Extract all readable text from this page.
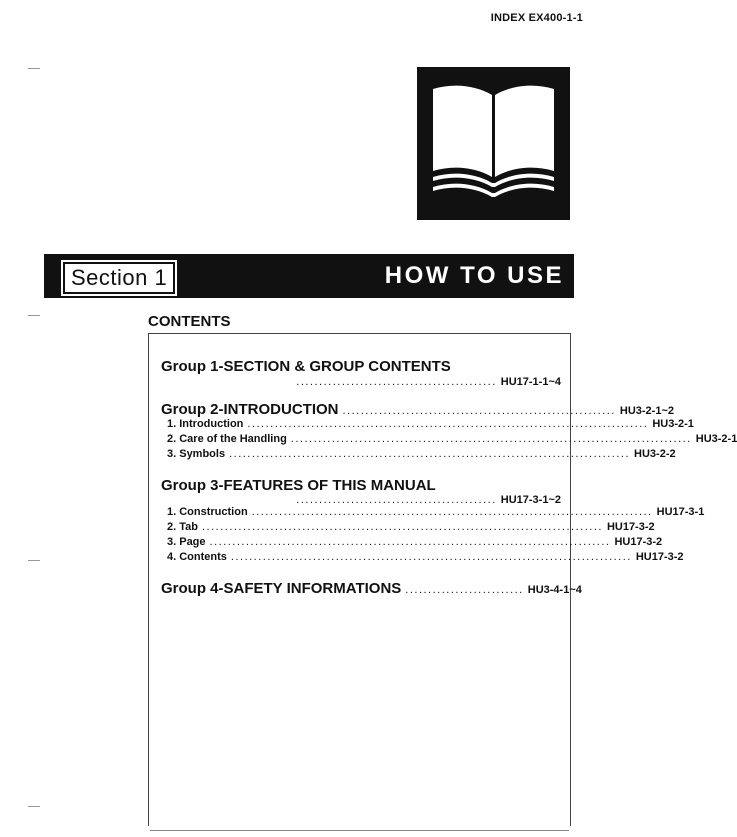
INDEX EX400-1-1
Section 1	HOW TO USE
CONTENTS
Group 1-SECTION & GROUP CONTENTS
............................................ HU17-1-1~4
Group 2-INTRODUCTION ............................................................ HU3-2-1~2
1. Introduction ........................................................................................ HU3-2-1
2. Care of the Handling ........................................................................................ HU3-2-1
3. Symbols ........................................................................................ HU3-2-2
Group 3-FEATURES OF THIS MANUAL
............................................ HU17-3-1~2
1. Construction ........................................................................................ HU17-3-1
2. Tab ........................................................................................ HU17-3-2
3. Page ........................................................................................ HU17-3-2
4. Contents ........................................................................................ HU17-3-2
Group 4-SAFETY INFORMATIONS .......................... HU3-4-1~4
